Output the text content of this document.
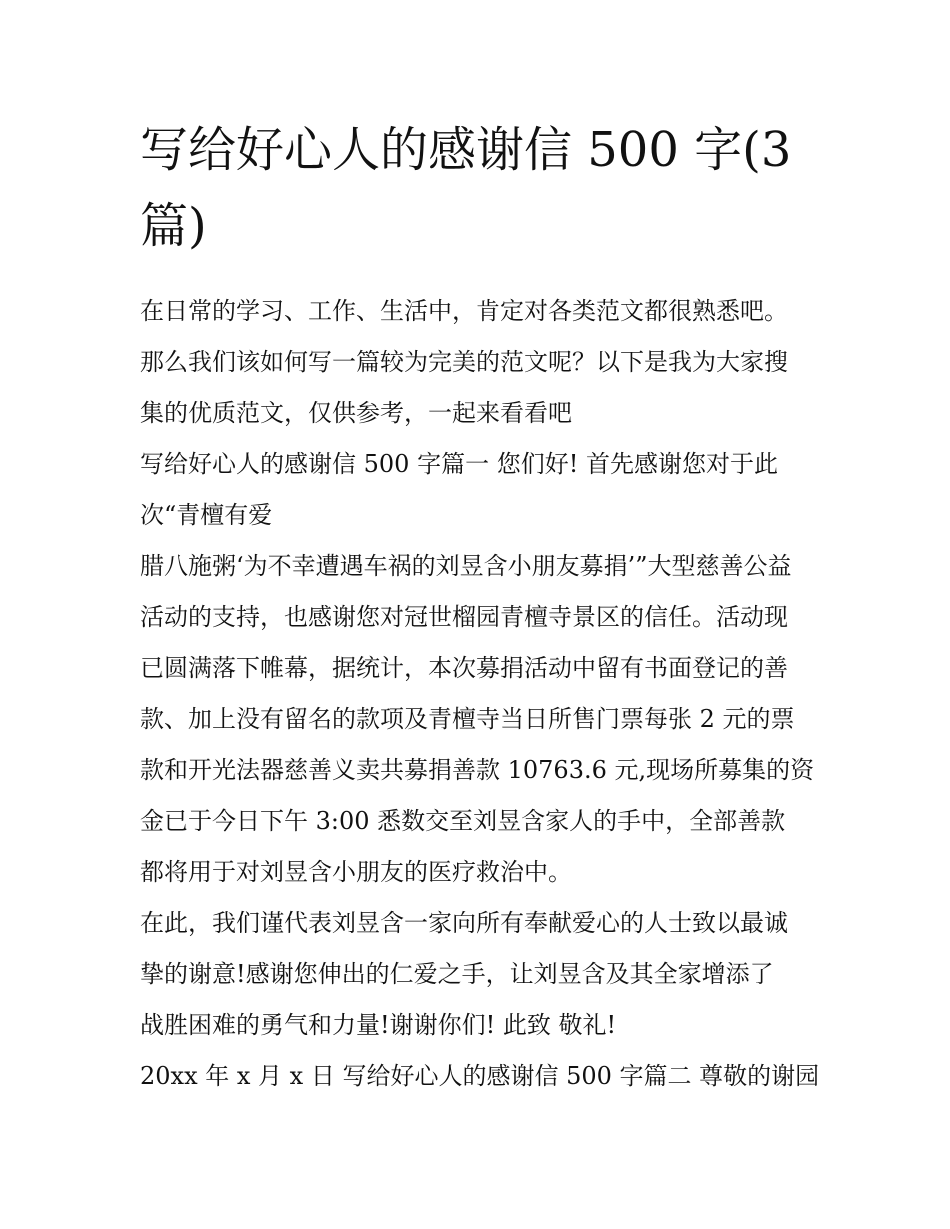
写给好心人的感谢信 500 字(3
篇)

在日常的学习、工作、生活中，肯定对各类范文都很熟悉吧。
那么我们该如何写一篇较为完美的范文呢？以下是我为大家搜
集的优质范文，仅供参考，一起来看看吧

写给好心人的感谢信 500 字篇一 您们好! 首先感谢您对于此
次“青檀有爱

腊八施粥‘为不幸遭遇车祸的刘昱含小朋友募捐’”大型慈善公益
活动的支持，也感谢您对冠世榴园青檀寺景区的信任。活动现
已圆满落下帷幕，据统计，本次募捐活动中留有书面登记的善
款、加上没有留名的款项及青檀寺当日所售门票每张 2 元的票
款和开光法器慈善义卖共募捐善款 10763.6 元,现场所募集的资
金已于今日下午 3:00 悉数交至刘昱含家人的手中，全部善款
都将用于对刘昱含小朋友的医疗救治中。

在此，我们谨代表刘昱含一家向所有奉献爱心的人士致以最诚
挚的谢意!感谢您伸出的仁爱之手，让刘昱含及其全家增添了
战胜困难的勇气和力量!谢谢你们! 此致 敬礼!

20xx 年 x 月 x 日 写给好心人的感谢信 500 字篇二 尊敬的谢园
